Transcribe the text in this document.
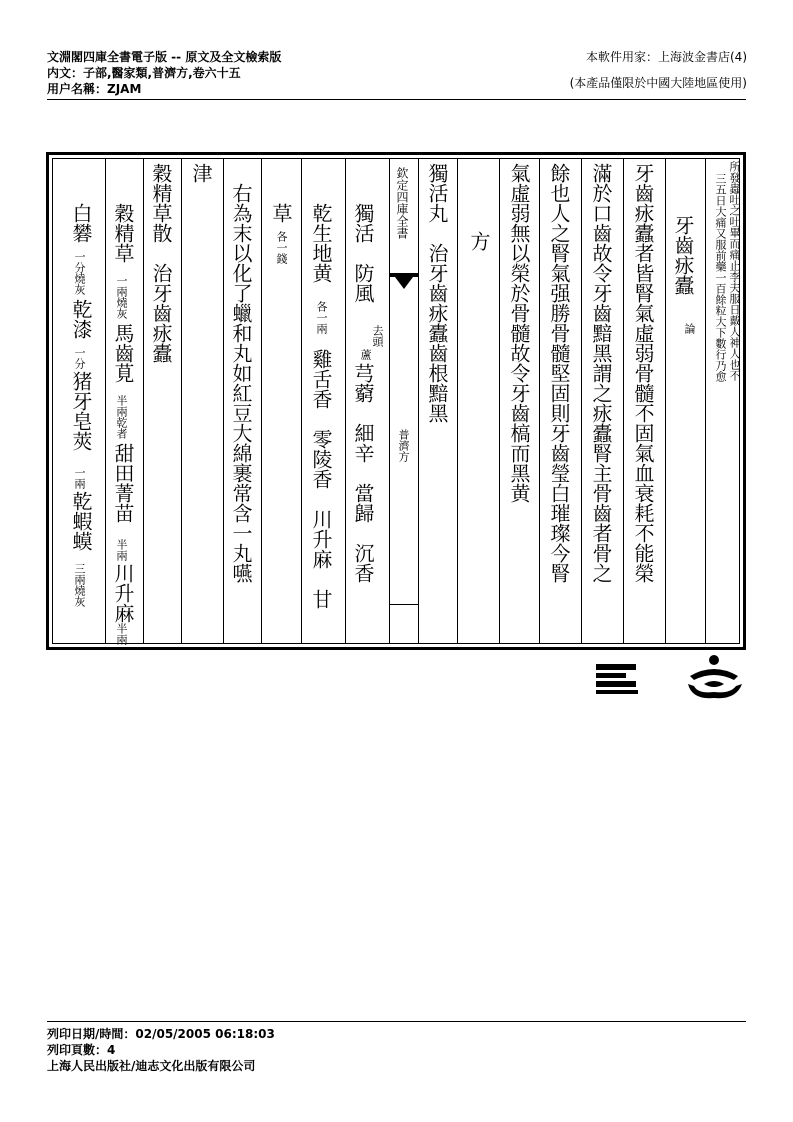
文淵閣四庫全書電子版 -- 原文及全文檢索版
内文：子部,醫家類,普濟方,卷六十五
用户名稱：ZJAM
本軟件用家：上海波金書店(4)
(本產品僅限於中國大陸地區使用)
所發蟲吐之吐畢而痛止李夫服日戴人神人也不
三五日大痛又服前藥一百餘粒大下數行乃愈
牙齒㽷蠹
論
牙齒㽷蠹者皆腎氣虛弱骨髓不固氣血衰耗不能榮
滿於口齒故令牙齒黯黑謂之㽷蠹腎主骨齒者骨之
餘也人之腎氣强勝骨髓堅固則牙齒瑩白璀璨今腎
氣虛弱無以榮於骨髓故令牙齒槁而黑黄
方
獨活丸　治牙齒㽷蠹齒根黯黑
欽定四庫全書
普濟方
獨活　防風
去頭
蘆
芎藭　細辛　當歸　沉香
乾生地黄
各一兩
雞舌香　零陵香　川升麻　甘
草
各一錢
右為末以化了蠟和丸如紅豆大綿裹常含一丸嚥
津
穀精草散　治牙齒㽷蠹
穀精草
一兩燒灰
馬齒莧
半兩乾者
甜田菁苗
半兩
川升麻
半兩
白礬
一分燒灰
乾漆
一分
猪牙皂莢
一兩
乾蝦蟆
三兩燒灰
列印日期/時間：02/05/2005 06:18:03
列印頁數：4
上海人民出版社/迪志文化出版有限公司
